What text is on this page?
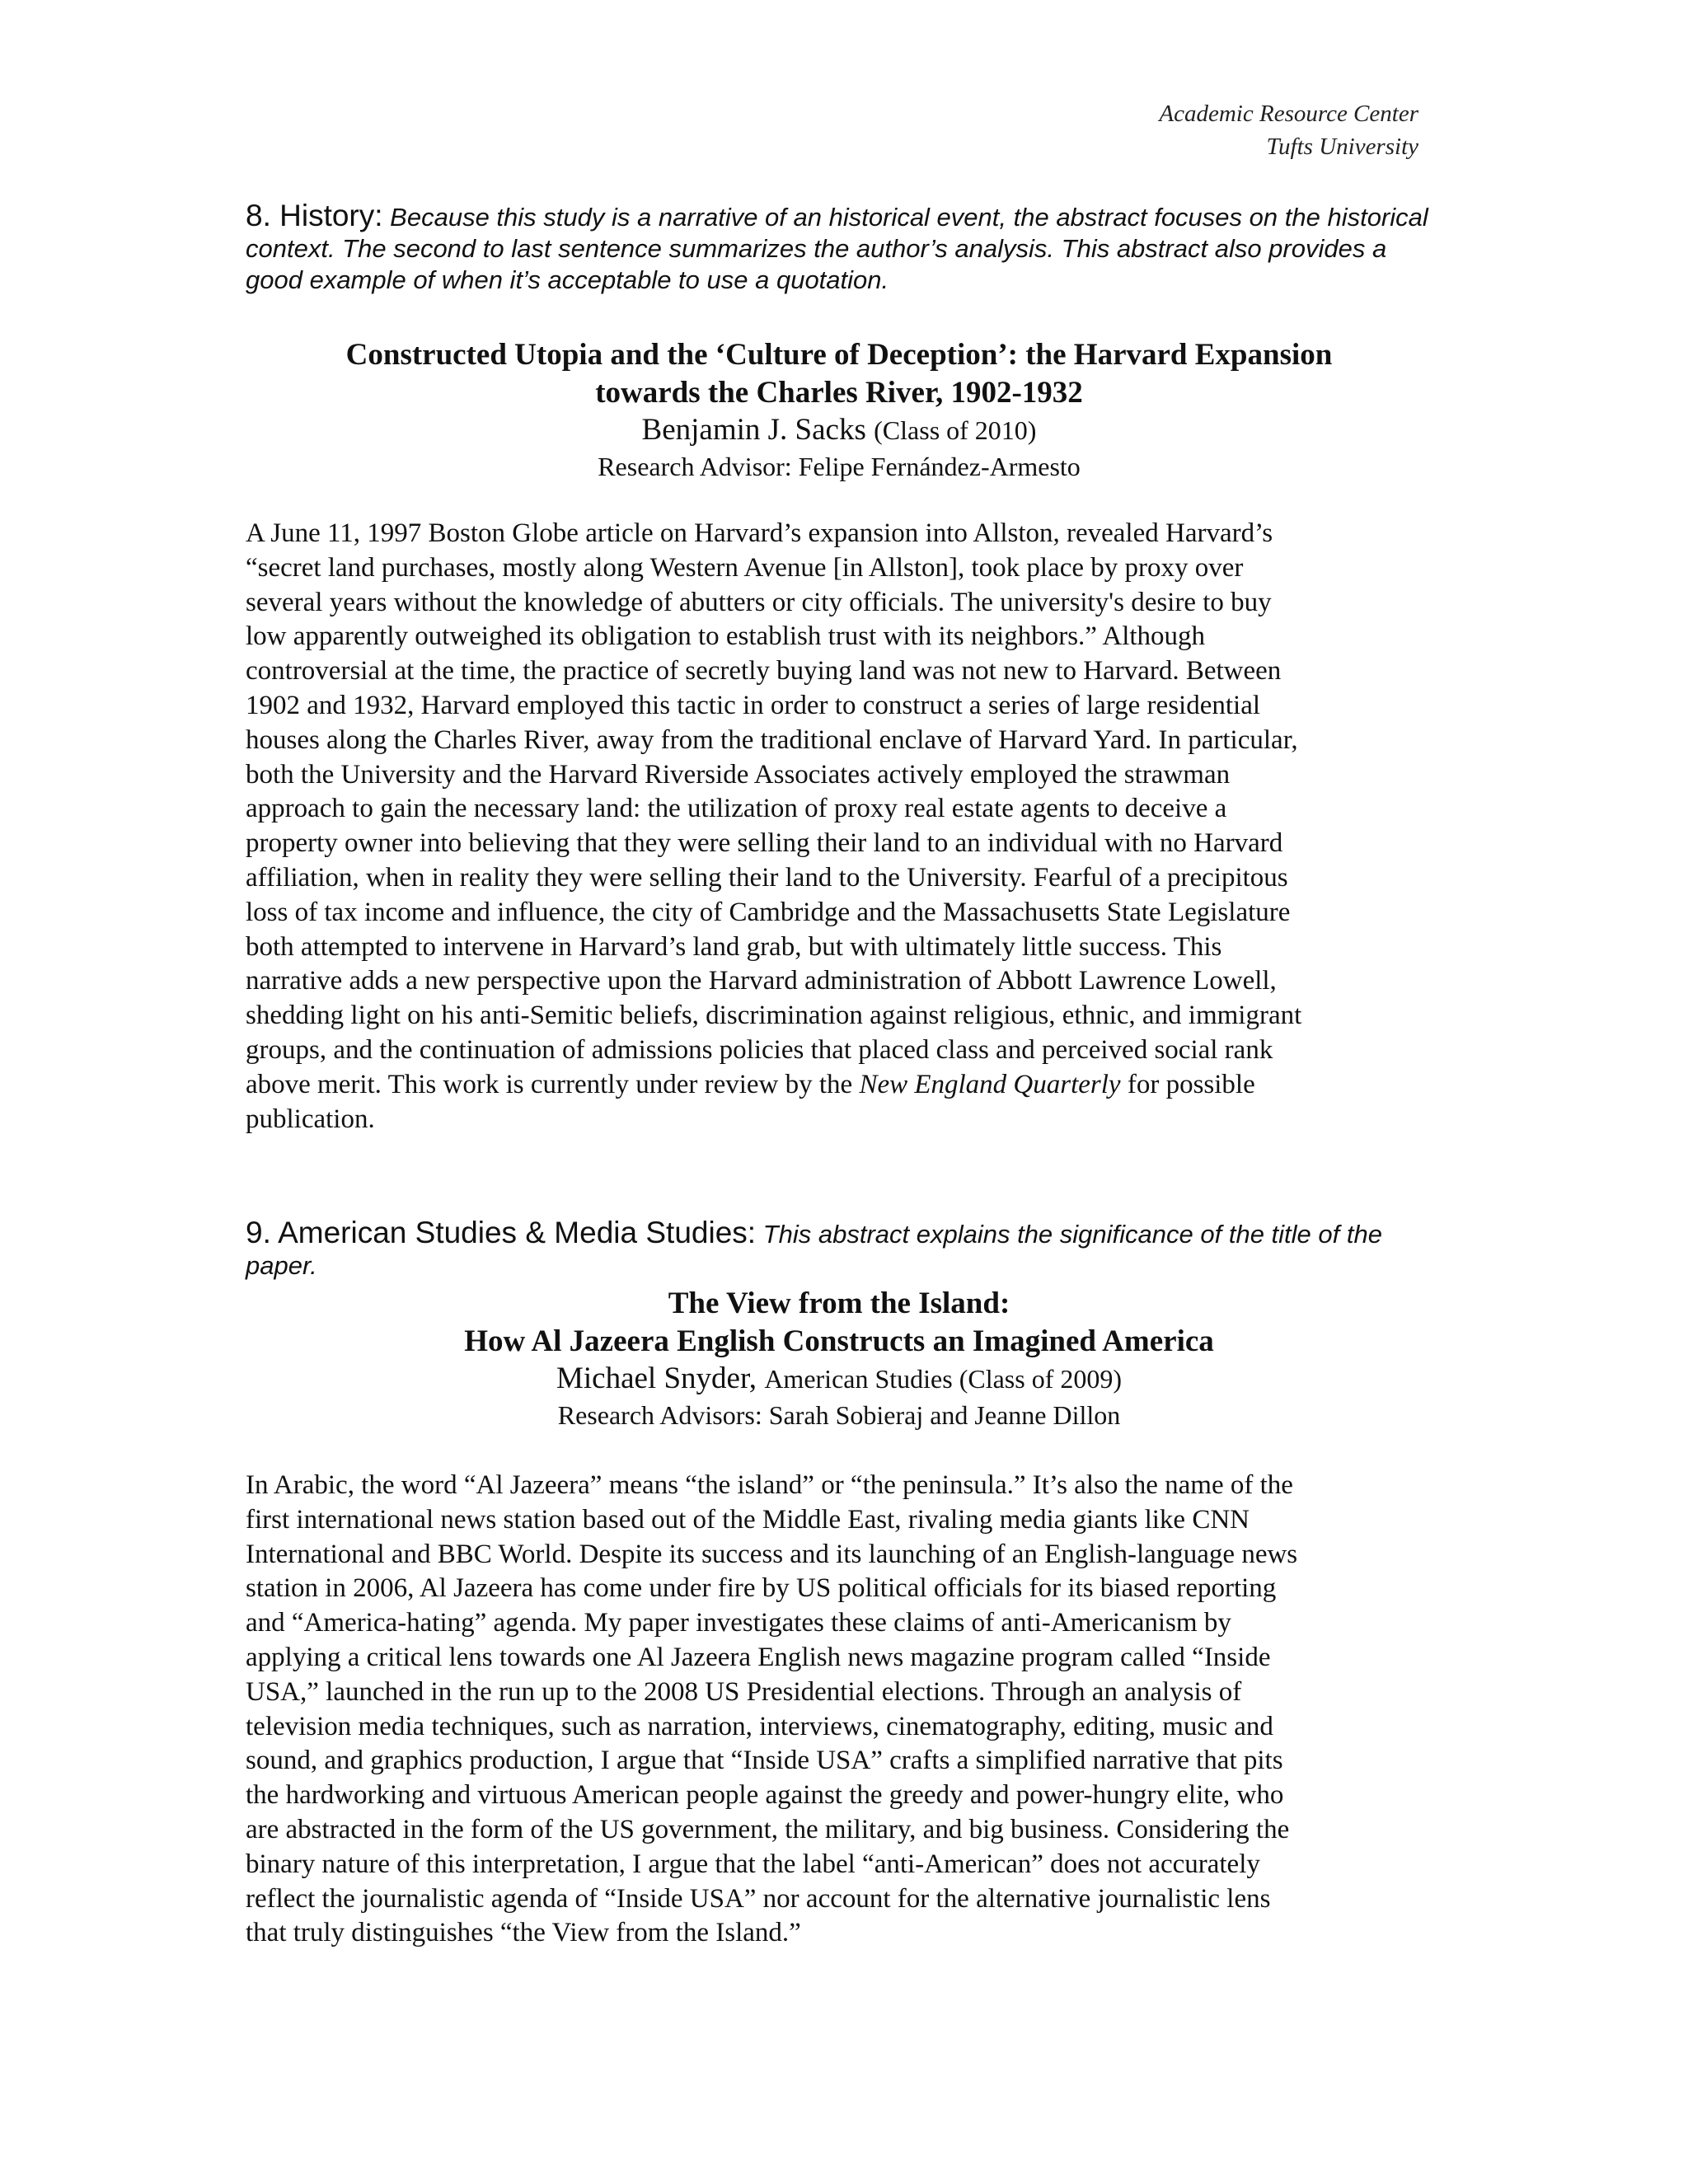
Academic Resource Center
Tufts University
8. History: Because this study is a narrative of an historical event, the abstract focuses on the historical context. The second to last sentence summarizes the author’s analysis. This abstract also provides a good example of when it’s acceptable to use a quotation.
Constructed Utopia and the ‘Culture of Deception’: the Harvard Expansion
towards the Charles River, 1902-1932
Benjamin J. Sacks (Class of 2010)
Research Advisor: Felipe Fernández-Armesto
A June 11, 1997 Boston Globe article on Harvard’s expansion into Allston, revealed Harvard’s
“secret land purchases, mostly along Western Avenue [in Allston], took place by proxy over
several years without the knowledge of abutters or city officials. The university's desire to buy
low apparently outweighed its obligation to establish trust with its neighbors.” Although
controversial at the time, the practice of secretly buying land was not new to Harvard. Between
1902 and 1932, Harvard employed this tactic in order to construct a series of large residential
houses along the Charles River, away from the traditional enclave of Harvard Yard. In particular,
both the University and the Harvard Riverside Associates actively employed the strawman
approach to gain the necessary land: the utilization of proxy real estate agents to deceive a
property owner into believing that they were selling their land to an individual with no Harvard
affiliation, when in reality they were selling their land to the University. Fearful of a precipitous
loss of tax income and influence, the city of Cambridge and the Massachusetts State Legislature
both attempted to intervene in Harvard’s land grab, but with ultimately little success. This
narrative adds a new perspective upon the Harvard administration of Abbott Lawrence Lowell,
shedding light on his anti-Semitic beliefs, discrimination against religious, ethnic, and immigrant
groups, and the continuation of admissions policies that placed class and perceived social rank
above merit. This work is currently under review by the New England Quarterly for possible
publication.
9. American Studies & Media Studies: This abstract explains the significance of the title of the paper.
The View from the Island:
How Al Jazeera English Constructs an Imagined America
Michael Snyder, American Studies (Class of 2009)
Research Advisors: Sarah Sobieraj and Jeanne Dillon
In Arabic, the word “Al Jazeera” means “the island” or “the peninsula.” It’s also the name of the
first international news station based out of the Middle East, rivaling media giants like CNN
International and BBC World. Despite its success and its launching of an English-language news
station in 2006, Al Jazeera has come under fire by US political officials for its biased reporting
and “America-hating” agenda. My paper investigates these claims of anti-Americanism by
applying a critical lens towards one Al Jazeera English news magazine program called “Inside
USA,” launched in the run up to the 2008 US Presidential elections. Through an analysis of
television media techniques, such as narration, interviews, cinematography, editing, music and
sound, and graphics production, I argue that “Inside USA” crafts a simplified narrative that pits
the hardworking and virtuous American people against the greedy and power-hungry elite, who
are abstracted in the form of the US government, the military, and big business. Considering the
binary nature of this interpretation, I argue that the label “anti-American” does not accurately
reflect the journalistic agenda of “Inside USA” nor account for the alternative journalistic lens
that truly distinguishes “the View from the Island.”
